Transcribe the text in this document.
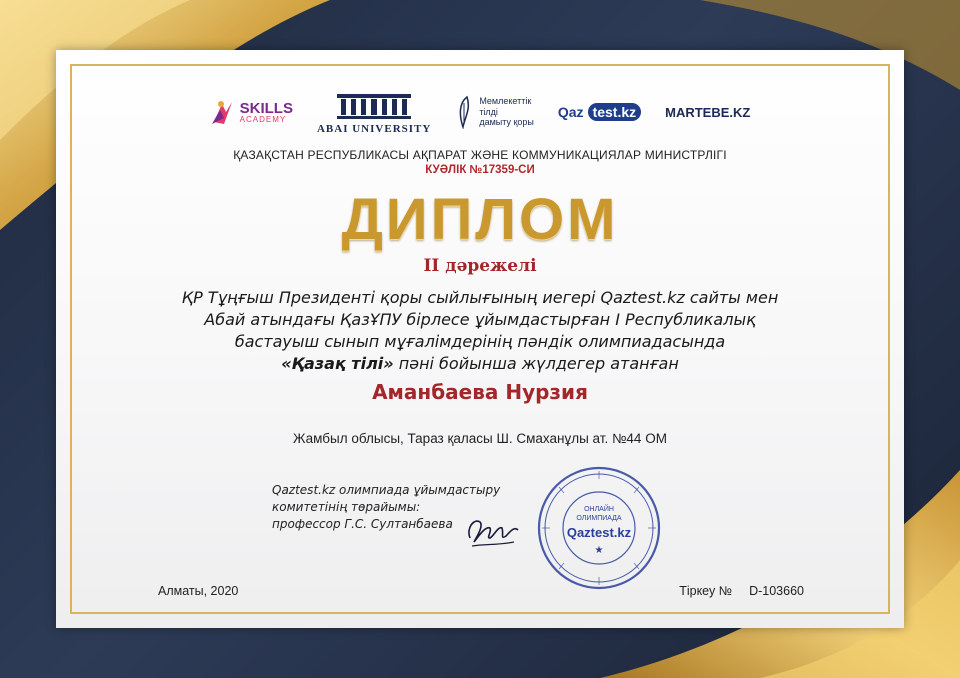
SKILLS
ACADEMY
ABAI UNIVERSITY
Мемлекеттік
тілді
дамыту қоры
Qaz test.kz	MARTEBE.KZ
ҚАЗАҚСТАН РЕСПУБЛИКАСЫ АҚПАРАТ ЖӘНЕ КОММУНИКАЦИЯЛАР МИНИСТРЛІГІ
КУӘЛІК №17359-СИ
ДИПЛОМ
ІІ дәрежелі
ҚР Тұңғыш Президенті қоры сыйлығының иегері Qaztest.kz сайты мен
Абай атындағы ҚазҰПУ бірлесе ұйымдастырған І Республикалық
бастауыш сынып мұғалімдерінің пәндік олимпиадасында
«Қазақ тілі» пәні бойынша жүлдегер атанған
Аманбаева Нурзия
Жамбыл облысы, Тараз қаласы Ш. Смаханұлы ат. №44 ОМ
Qaztest.kz олимпиада ұйымдастыру
комитетінің төрайымы:
профессор Г.С. Султанбаева
ОНЛАЙН
ОЛИМПИАДА
Qaztest.kz
★
Алматы, 2020	Тіркеу № D-103660
